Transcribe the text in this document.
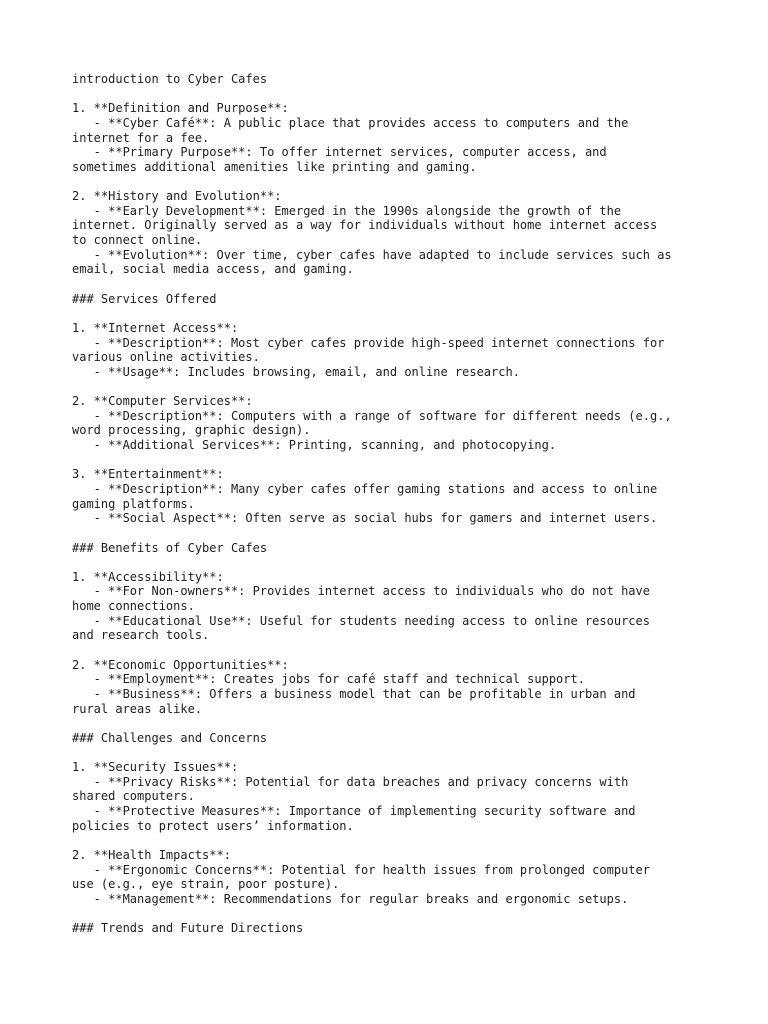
introduction to Cyber Cafes
1. **Definition and Purpose**:
- **Cyber Café**: A public place that provides access to computers and the
internet for a fee.
- **Primary Purpose**: To offer internet services, computer access, and
sometimes additional amenities like printing and gaming.
2. **History and Evolution**:
- **Early Development**: Emerged in the 1990s alongside the growth of the
internet. Originally served as a way for individuals without home internet access
to connect online.
- **Evolution**: Over time, cyber cafes have adapted to include services such as
email, social media access, and gaming.
### Services Offered
1. **Internet Access**:
- **Description**: Most cyber cafes provide high-speed internet connections for
various online activities.
- **Usage**: Includes browsing, email, and online research.
2. **Computer Services**:
- **Description**: Computers with a range of software for different needs (e.g.,
word processing, graphic design).
- **Additional Services**: Printing, scanning, and photocopying.
3. **Entertainment**:
- **Description**: Many cyber cafes offer gaming stations and access to online
gaming platforms.
- **Social Aspect**: Often serve as social hubs for gamers and internet users.
### Benefits of Cyber Cafes
1. **Accessibility**:
- **For Non-owners**: Provides internet access to individuals who do not have
home connections.
- **Educational Use**: Useful for students needing access to online resources
and research tools.
2. **Economic Opportunities**:
- **Employment**: Creates jobs for café staff and technical support.
- **Business**: Offers a business model that can be profitable in urban and
rural areas alike.
### Challenges and Concerns
1. **Security Issues**:
- **Privacy Risks**: Potential for data breaches and privacy concerns with
shared computers.
- **Protective Measures**: Importance of implementing security software and
policies to protect users’ information.
2. **Health Impacts**:
- **Ergonomic Concerns**: Potential for health issues from prolonged computer
use (e.g., eye strain, poor posture).
- **Management**: Recommendations for regular breaks and ergonomic setups.
### Trends and Future Directions
